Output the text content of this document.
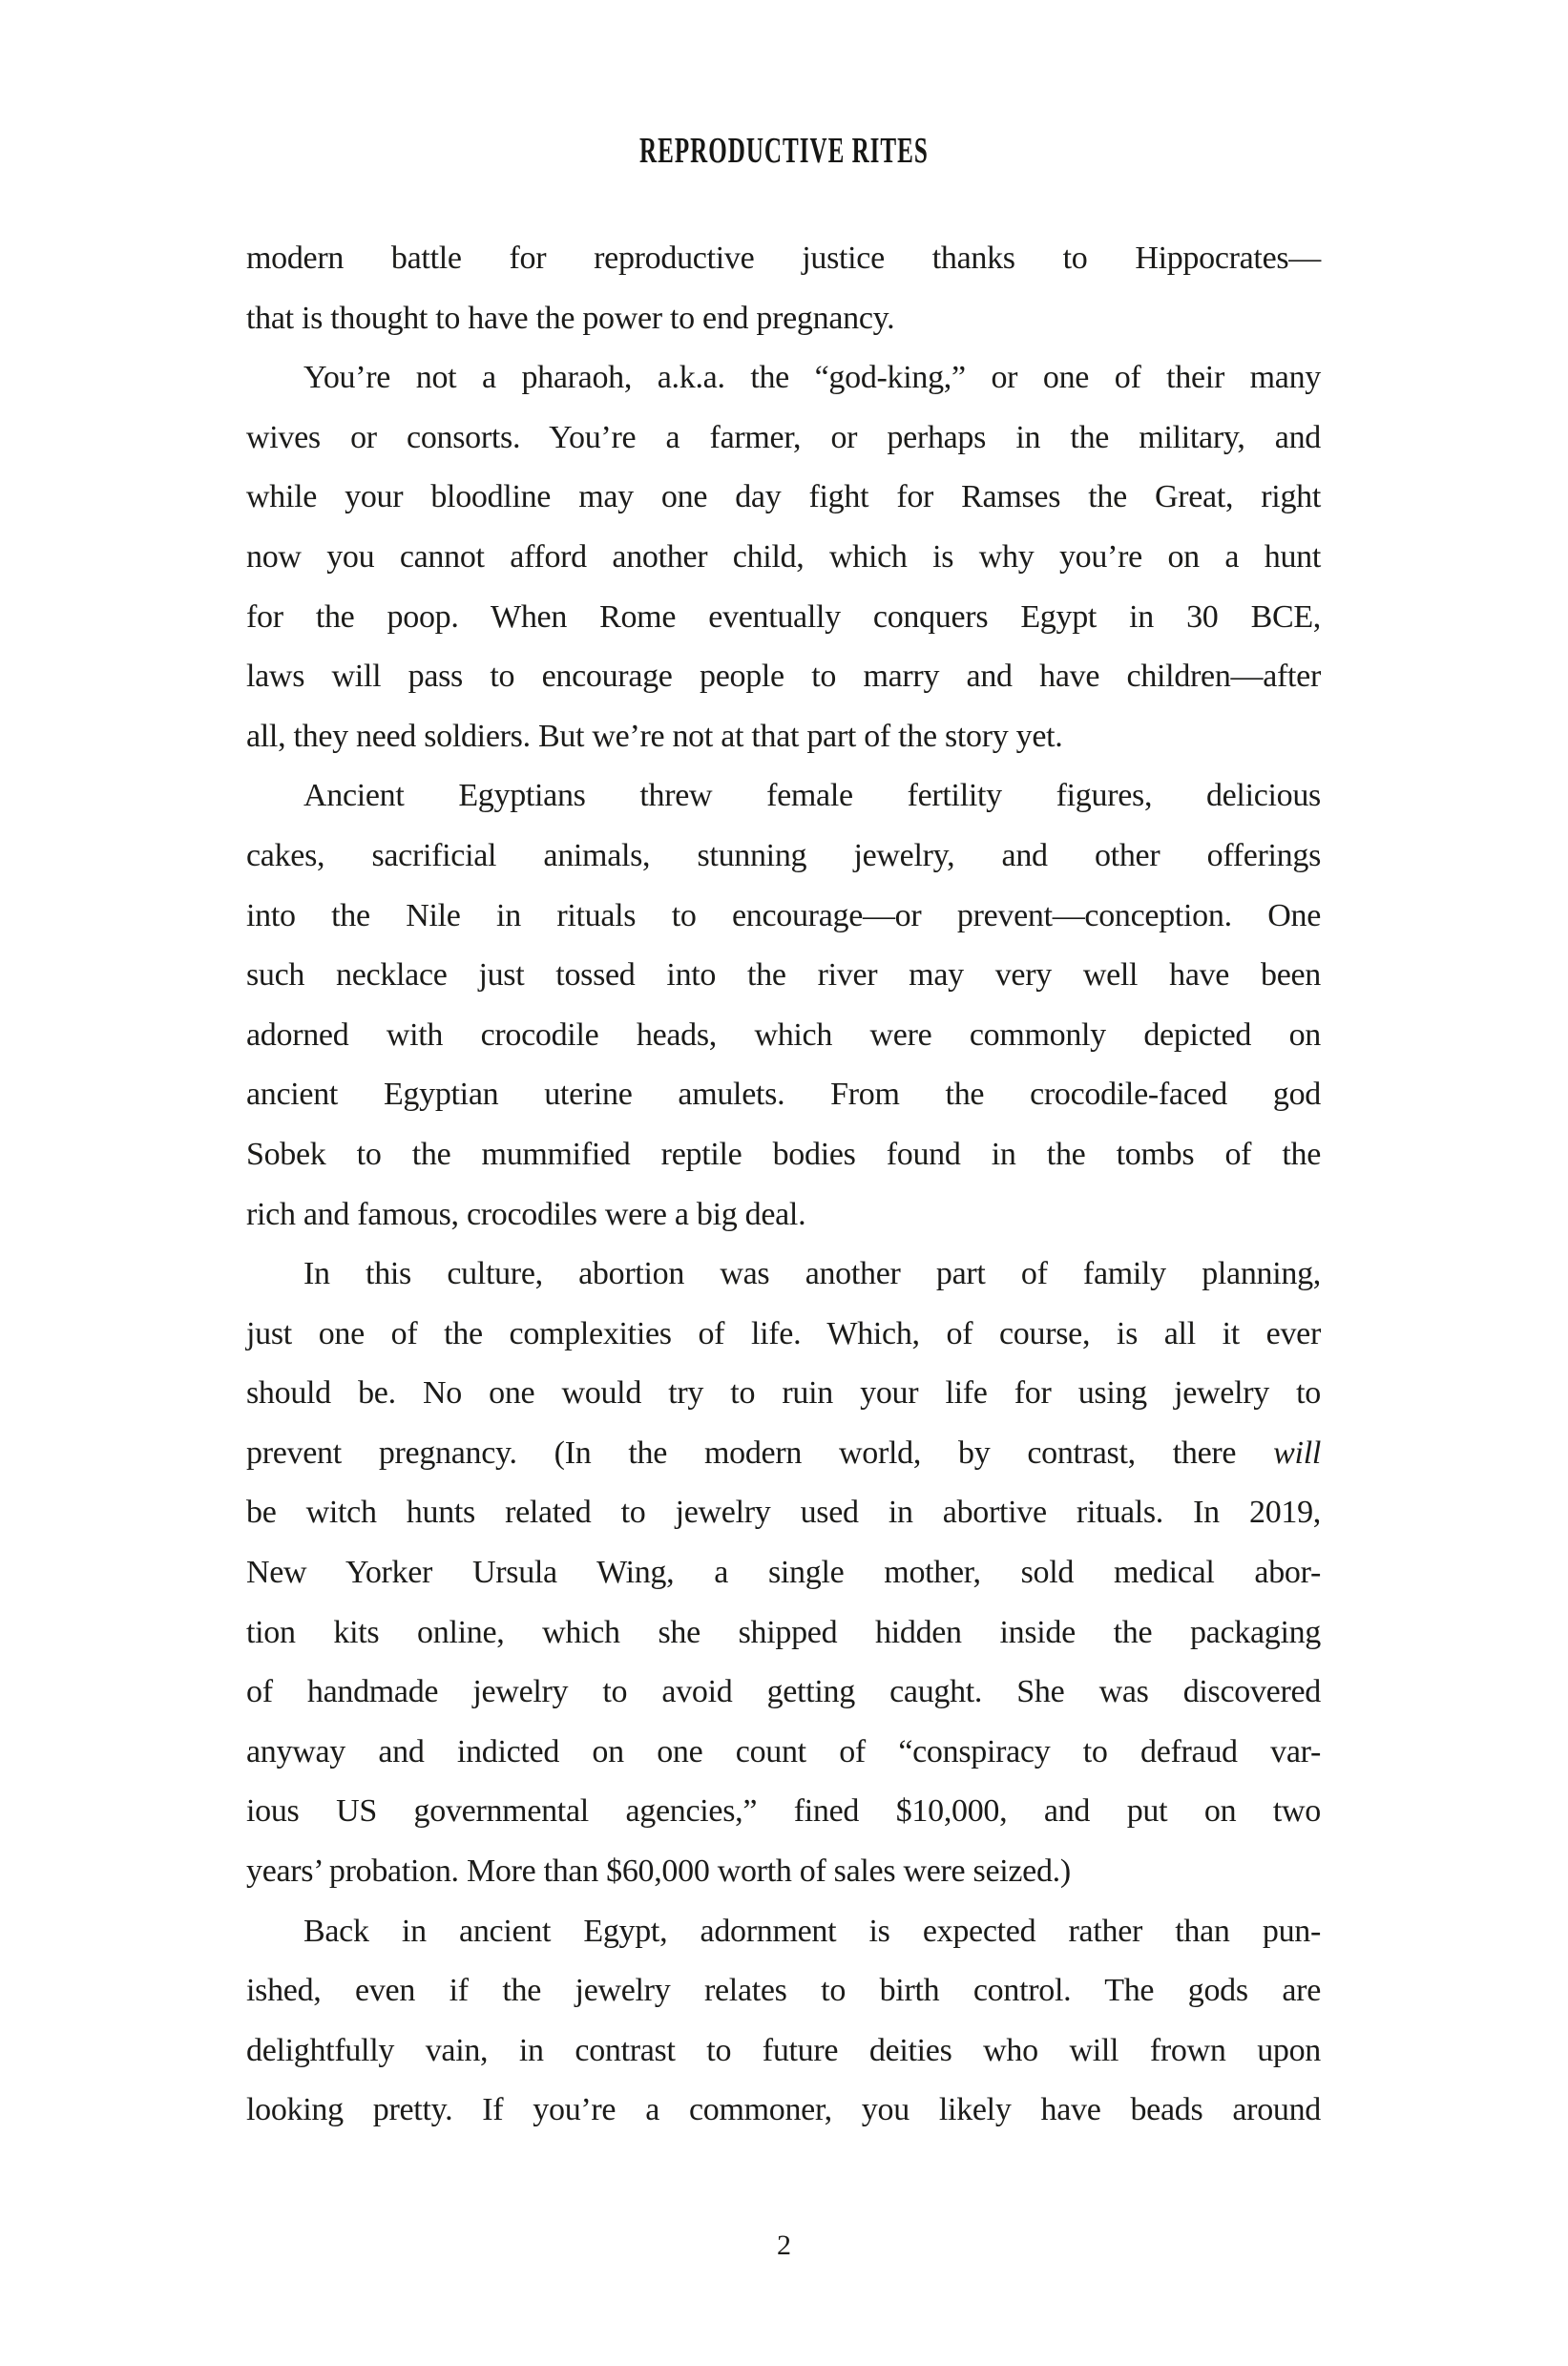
REPRODUCTIVE RITES
modern battle for reproductive justice thanks to Hippocrates—
that is thought to have the power to end pregnancy.
You’re not a pharaoh, a.k.a. the “god-king,” or one of their many
wives or consorts. You’re a farmer, or perhaps in the military, and
while your bloodline may one day fight for Ramses the Great, right
now you cannot afford another child, which is why you’re on a hunt
for the poop. When Rome eventually conquers Egypt in 30 BCE,
laws will pass to encourage people to marry and have children—after
all, they need soldiers. But we’re not at that part of the story yet.
Ancient Egyptians threw female fertility figures, delicious
cakes, sacrificial animals, stunning jewelry, and other offerings
into the Nile in rituals to encourage—or prevent—conception. One
such necklace just tossed into the river may very well have been
adorned with crocodile heads, which were commonly depicted on
ancient Egyptian uterine amulets. From the crocodile-faced god
Sobek to the mummified reptile bodies found in the tombs of the
rich and famous, crocodiles were a big deal.
In this culture, abortion was another part of family planning,
just one of the complexities of life. Which, of course, is all it ever
should be. No one would try to ruin your life for using jewelry to
prevent pregnancy. (In the modern world, by contrast, there will
be witch hunts related to jewelry used in abortive rituals. In 2019,
New Yorker Ursula Wing, a single mother, sold medical abor-
tion kits online, which she shipped hidden inside the packaging
of handmade jewelry to avoid getting caught. She was discovered
anyway and indicted on one count of “conspiracy to defraud var-
ious US governmental agencies,” fined $10,000, and put on two
years’ probation. More than $60,000 worth of sales were seized.)
Back in ancient Egypt, adornment is expected rather than pun-
ished, even if the jewelry relates to birth control. The gods are
delightfully vain, in contrast to future deities who will frown upon
looking pretty. If you’re a commoner, you likely have beads around
2
